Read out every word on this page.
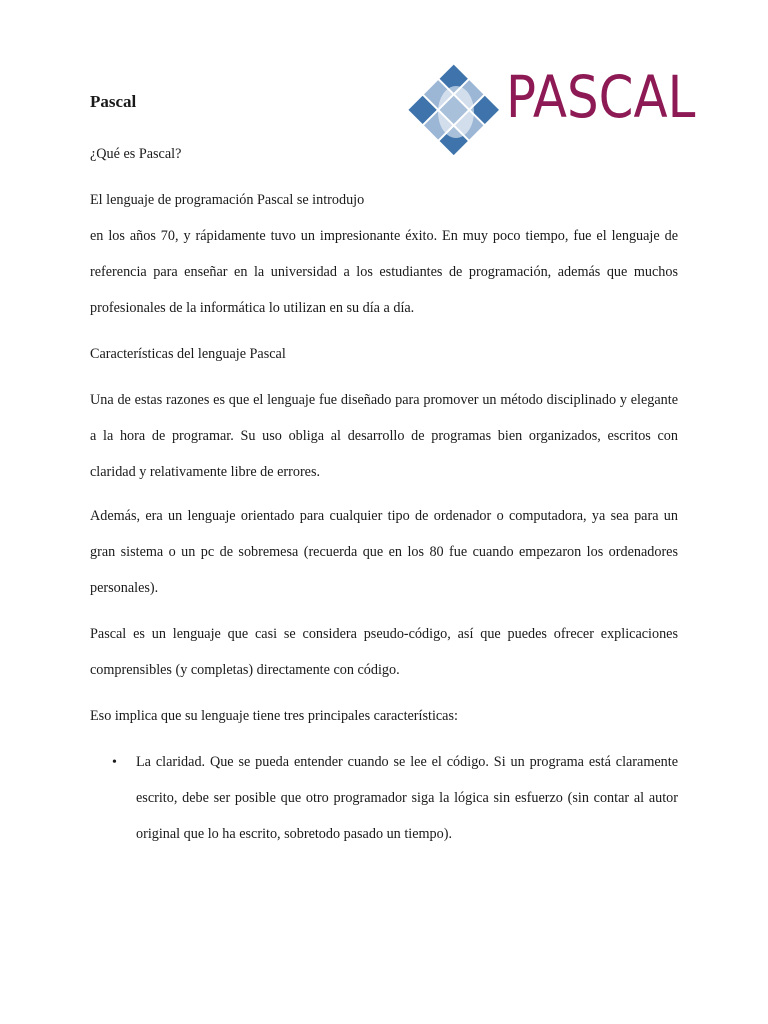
Pascal	PASCAL

¿Qué es Pascal?

El lenguaje de programación Pascal se introdujo

en los años 70, y rápidamente tuvo un impresionante éxito. En muy poco tiempo, fue el lenguaje de referencia para enseñar en la universidad a los estudiantes de programación, además que muchos profesionales de la informática lo utilizan en su día a día.

Características del lenguaje Pascal

Una de estas razones es que el lenguaje fue diseñado para promover un método disciplinado y elegante a la hora de programar. Su uso obliga al desarrollo de programas bien organizados, escritos con claridad y relativamente libre de errores.

Además, era un lenguaje orientado para cualquier tipo de ordenador o computadora, ya sea para un gran sistema o un pc de sobremesa (recuerda que en los 80 fue cuando empezaron los ordenadores personales).

Pascal es un lenguaje que casi se considera pseudo-código, así que puedes ofrecer explicaciones comprensibles (y completas) directamente con código.

Eso implica que su lenguaje tiene tres principales características:

• La claridad. Que se pueda entender cuando se lee el código. Si un programa está claramente escrito, debe ser posible que otro programador siga la lógica sin esfuerzo (sin contar al autor original que lo ha escrito, sobretodo pasado un tiempo).
